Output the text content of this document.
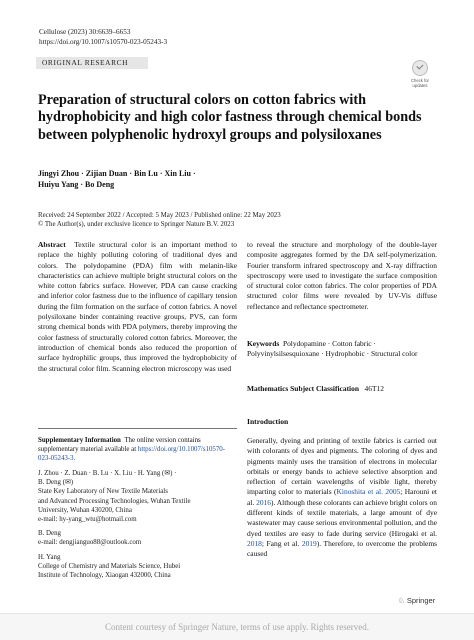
Cellulose (2023) 30:6639–6653
https://doi.org/10.1007/s10570-023-05243-3
ORIGINAL RESEARCH
Check for
updates
Preparation of structural colors on cotton fabrics with hydrophobicity and high color fastness through chemical bonds between polyphenolic hydroxyl groups and polysiloxanes
Jingyi Zhou · Zijian Duan · Bin Lu · Xin Liu ·
Huiyu Yang · Bo Deng
Received: 24 September 2022 / Accepted: 5 May 2023 / Published online: 22 May 2023
© The Author(s), under exclusive licence to Springer Nature B.V. 2023

Abstract Textile structural color is an important method to replace the highly polluting coloring of traditional dyes and colors. The polydopamine (PDA) film with melanin-like characteristics can achieve multiple bright structural colors on the white cotton fabrics surface. However, PDA can cause cracking and inferior color fastness due to the influence of capillary tension during the film formation on the surface of cotton fabrics. A novel polysiloxane binder containing reactive groups, PVS, can form strong chemical bonds with PDA polymers, thereby improving the color fastness of structurally colored cotton fabrics. Moreover, the introduction of chemical bonds also reduced the proportion of surface hydrophilic groups, thus improved the hydrophobicity of the structural color film. Scanning electron microscopy was used

to reveal the structure and morphology of the double-layer composite aggregates formed by the DA self-polymerization. Fourier transform infrared spectroscopy and X-ray diffraction spectroscopy were used to investigate the surface composition of structural color cotton fabrics. The color properties of PDA structured color films were revealed by UV-Vis diffuse reflectance and reflectance spectrometer.

Keywords Polydopamine · Cotton fabric · Polyvinylsilsesquioxane · Hydrophobic · Structural color
Mathematics Subject Classification 46T12
Introduction

Generally, dyeing and printing of textile fabrics is carried out with colorants of dyes and pigments. The coloring of dyes and pigments mainly uses the transition of electrons in molecular orbitals or energy bands to achieve selective absorption and reflection of certain wavelengths of visible light, thereby imparting color to materials (Kinoshita et al. 2005; Harouni et al. 2016). Although these colorants can achieve bright colors on different kinds of textile materials, a large amount of dye wastewater may cause serious environmental pollution, and the dyed textiles are easy to fade during service (Hirogaki et al. 2018; Fang et al. 2019). Therefore, to overcome the problems caused

Supplementary Information The online version contains supplementary material available at https://doi.org/10.1007/s10570-023-05243-3.

J. Zhou · Z. Duan · B. Lu · X. Liu · H. Yang (✉) ·
B. Deng (✉)
State Key Laboratory of New Textile Materials
and Advanced Processing Technologies, Wuhan Textile
University, Wuhan 430200, China
e-mail: hy-yang_wtu@hotmail.com

B. Deng
e-mail: dengjianguo88@outlook.com

H. Yang
College of Chemistry and Materials Science, Hubei
Institute of Technology, Xiaogan 432000, China

♘ Springer
Content courtesy of Springer Nature, terms of use apply. Rights reserved.
